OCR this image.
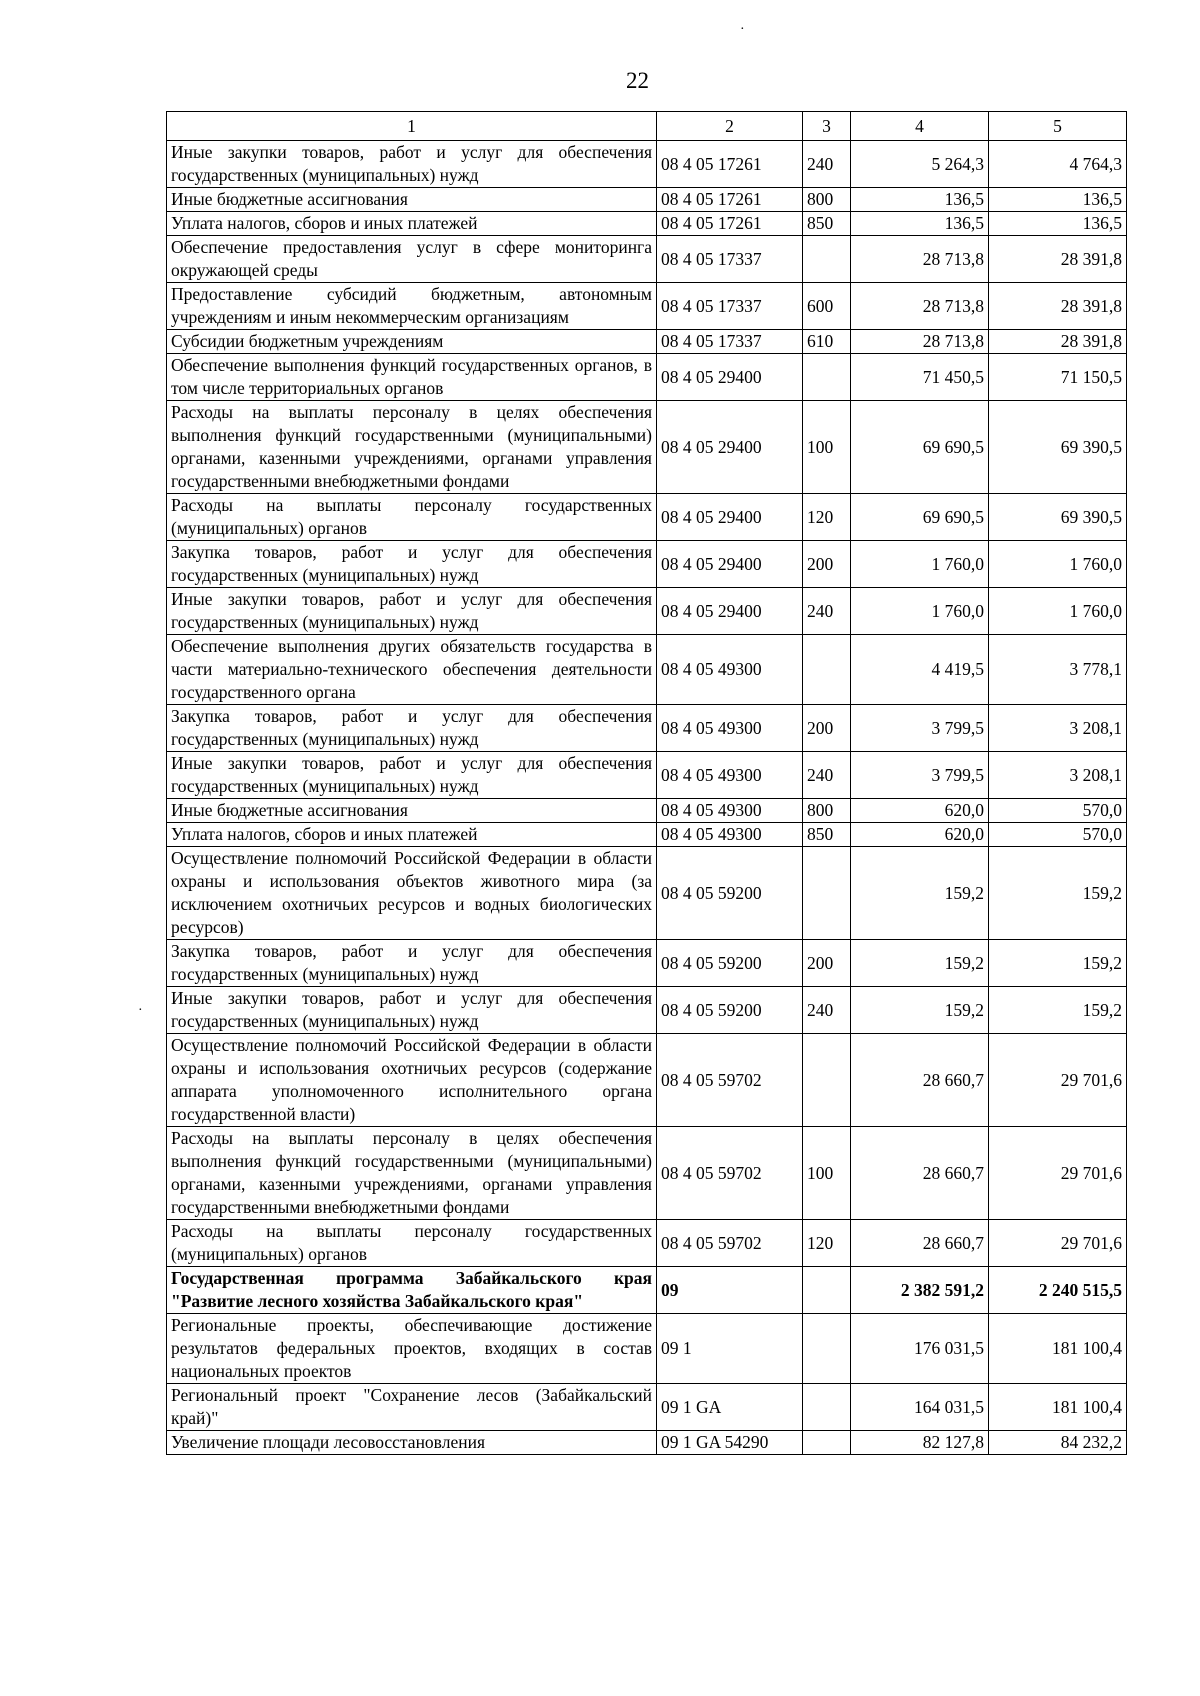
·
·
22
1	2	3	4	5
Иные закупки товаров, работ и услуг для обеспечения государственных (муниципальных) нужд	08 4 05 17261	240	5 264,3	4 764,3
Иные бюджетные ассигнования	08 4 05 17261	800	136,5	136,5
Уплата налогов, сборов и иных платежей	08 4 05 17261	850	136,5	136,5
Обеспечение предоставления услуг в сфере мониторинга окружающей среды	08 4 05 17337		28 713,8	28 391,8
Предоставление субсидий бюджетным, автономным учреждениям и иным некоммерческим организациям	08 4 05 17337	600	28 713,8	28 391,8
Субсидии бюджетным учреждениям	08 4 05 17337	610	28 713,8	28 391,8
Обеспечение выполнения функций государственных органов, в том числе территориальных органов	08 4 05 29400		71 450,5	71 150,5
Расходы на выплаты персоналу в целях обеспечения выполнения функций государственными (муниципальными) органами, казенными учреждениями, органами управления государственными внебюджетными фондами	08 4 05 29400	100	69 690,5	69 390,5
Расходы на выплаты персоналу государственных (муниципальных) органов	08 4 05 29400	120	69 690,5	69 390,5
Закупка товаров, работ и услуг для обеспечения государственных (муниципальных) нужд	08 4 05 29400	200	1 760,0	1 760,0
Иные закупки товаров, работ и услуг для обеспечения государственных (муниципальных) нужд	08 4 05 29400	240	1 760,0	1 760,0
Обеспечение выполнения других обязательств государства в части материально-технического обеспечения деятельности государственного органа	08 4 05 49300		4 419,5	3 778,1
Закупка товаров, работ и услуг для обеспечения государственных (муниципальных) нужд	08 4 05 49300	200	3 799,5	3 208,1
Иные закупки товаров, работ и услуг для обеспечения государственных (муниципальных) нужд	08 4 05 49300	240	3 799,5	3 208,1
Иные бюджетные ассигнования	08 4 05 49300	800	620,0	570,0
Уплата налогов, сборов и иных платежей	08 4 05 49300	850	620,0	570,0
Осуществление полномочий Российской Федерации в области охраны и использования объектов животного мира (за исключением охотничьих ресурсов и водных биологических ресурсов)	08 4 05 59200		159,2	159,2
Закупка товаров, работ и услуг для обеспечения государственных (муниципальных) нужд	08 4 05 59200	200	159,2	159,2
Иные закупки товаров, работ и услуг для обеспечения государственных (муниципальных) нужд	08 4 05 59200	240	159,2	159,2
Осуществление полномочий Российской Федерации в области охраны и использования охотничьих ресурсов (содержание аппарата уполномоченного исполнительного органа государственной власти)	08 4 05 59702		28 660,7	29 701,6
Расходы на выплаты персоналу в целях обеспечения выполнения функций государственными (муниципальными) органами, казенными учреждениями, органами управления государственными внебюджетными фондами	08 4 05 59702	100	28 660,7	29 701,6
Расходы на выплаты персоналу государственных (муниципальных) органов	08 4 05 59702	120	28 660,7	29 701,6
Государственная программа Забайкальского края "Развитие лесного хозяйства Забайкальского края"	09		2 382 591,2	2 240 515,5
Региональные проекты, обеспечивающие достижение результатов федеральных проектов, входящих в состав национальных проектов	09 1		176 031,5	181 100,4
Региональный проект "Сохранение лесов (Забайкальский край)"	09 1 GA		164 031,5	181 100,4
Увеличение площади лесовосстановления	09 1 GA 54290		82 127,8	84 232,2
